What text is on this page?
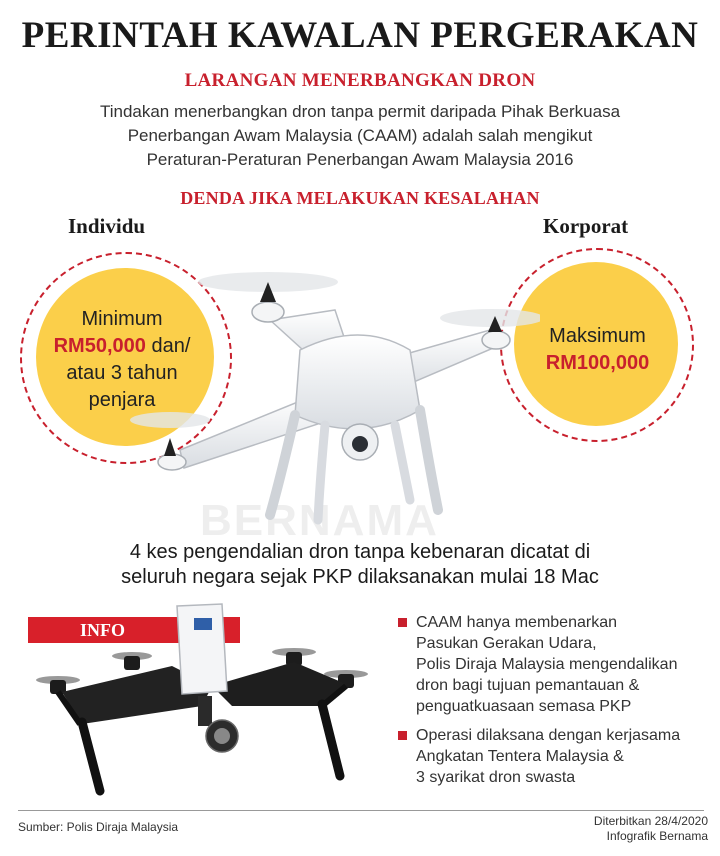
PERINTAH KAWALAN PERGERAKAN
LARANGAN MENERBANGKAN DRON
Tindakan menerbangkan dron tanpa permit daripada Pihak Berkuasa
Penerbangan Awam Malaysia (CAAM) adalah salah mengikut
Peraturan-Peraturan Penerbangan Awam Malaysia 2016
DENDA JIKA MELAKUKAN KESALAHAN
BERNAMA
Individu	Korporat
Minimum
RM50,000 dan/
atau 3 tahun
penjara
Maksimum
RM100,000
4 kes pengendalian dron tanpa kebenaran dicatat di
seluruh negara sejak PKP dilaksanakan mulai 18 Mac
INFO	CAAM hanya membenarkan
Pasukan Gerakan Udara,
Polis Diraja Malaysia mengendalikan
dron bagi tujuan pemantauan &
penguatkuasaan semasa PKP
Operasi dilaksana dengan kerjasama
Angkatan Tentera Malaysia &
3 syarikat dron swasta
Sumber: Polis Diraja Malaysia	Diterbitkan 28/4/2020
Infografik Bernama
